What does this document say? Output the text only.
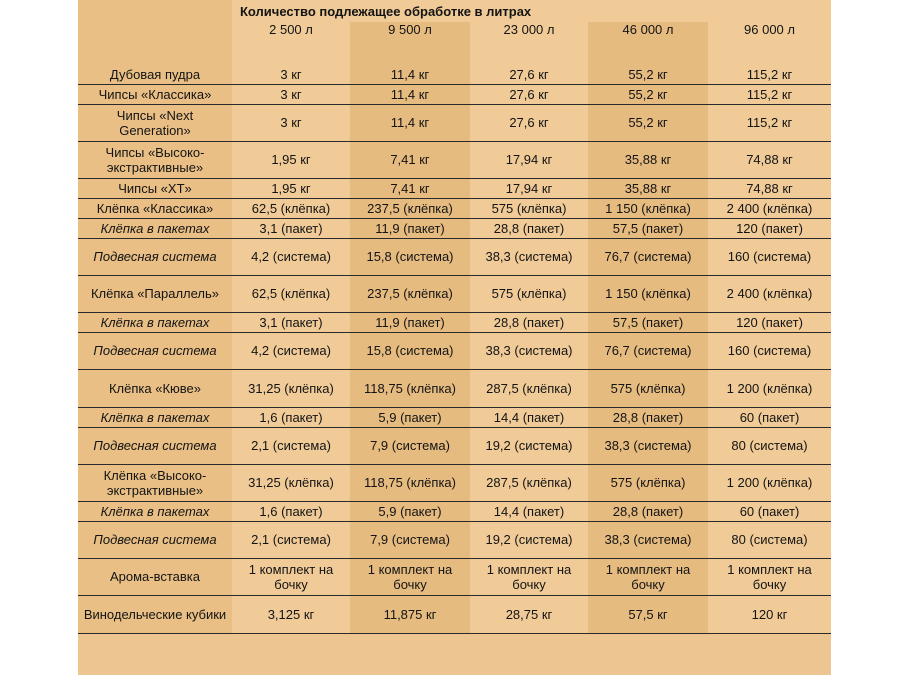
	Количество подлежащее обработке в литрах				
	2 500 л	9 500 л	23 000 л	46 000 л	96 000 л

Дубовая пудра	3 кг	11,4 кг	27,6 кг	55,2 кг	115,2 кг
Чипсы «Классика»	3 кг	11,4 кг	27,6 кг	55,2 кг	115,2 кг
Чипсы «Next Generation»	3 кг	11,4 кг	27,6 кг	55,2 кг	115,2 кг
Чипсы «Высоко-экстрактивные»	1,95 кг	7,41 кг	17,94 кг	35,88 кг	74,88 кг
Чипсы «XT»	1,95 кг	7,41 кг	17,94 кг	35,88 кг	74,88 кг
Клёпка «Классика»	62,5 (клёпка)	237,5 (клёпка)	575 (клёпка)	1 150 (клёпка)	2 400 (клёпка)
Клёпка в пакетах	3,1 (пакет)	11,9 (пакет)	28,8 (пакет)	57,5 (пакет)	120 (пакет)
Подвесная система	4,2 (система)	15,8 (система)	38,3 (система)	76,7 (система)	160 (система)
Клёпка «Параллель»	62,5 (клёпка)	237,5 (клёпка)	575 (клёпка)	1 150 (клёпка)	2 400 (клёпка)
Клёпка в пакетах	3,1 (пакет)	11,9 (пакет)	28,8 (пакет)	57,5 (пакет)	120 (пакет)
Подвесная система	4,2 (система)	15,8 (система)	38,3 (система)	76,7 (система)	160 (система)
Клёпка «Кюве»	31,25 (клёпка)	118,75 (клёпка)	287,5 (клёпка)	575 (клёпка)	1 200 (клёпка)
Клёпка в пакетах	1,6 (пакет)	5,9 (пакет)	14,4 (пакет)	28,8 (пакет)	60 (пакет)
Подвесная система	2,1 (система)	7,9 (система)	19,2 (система)	38,3 (система)	80 (система)
Клёпка «Высоко-экстрактивные»	31,25 (клёпка)	118,75 (клёпка)	287,5 (клёпка)	575 (клёпка)	1 200 (клёпка)
Клёпка в пакетах	1,6 (пакет)	5,9 (пакет)	14,4 (пакет)	28,8 (пакет)	60 (пакет)
Подвесная система	2,1 (система)	7,9 (система)	19,2 (система)	38,3 (система)	80 (система)
Арома-вставка	1 комплект на бочку	1 комплект на бочку	1 комплект на бочку	1 комплект на бочку	1 комплект на бочку
Винодельческие кубики	3,125 кг	11,875 кг	28,75 кг	57,5 кг	120 кг
